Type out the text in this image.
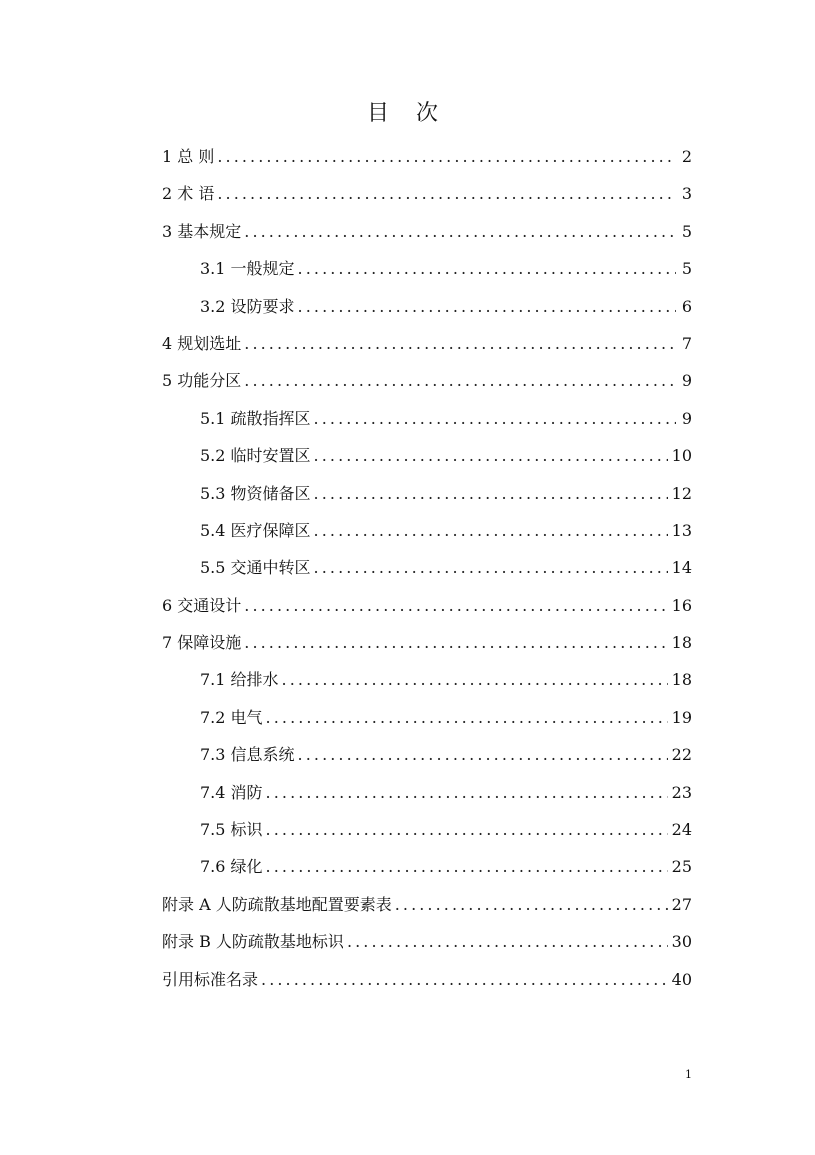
目 次
1 总 则 . . .	2
2 术 语 . . .	3
3 基本规定 . . .	5
3.1 一般规定 . . .	5
3.2 设防要求 . . .	6
4 规划选址 . . .	7
5 功能分区 . . .	9
5.1 疏散指挥区 . . .	9
5.2 临时安置区 . . .	10
5.3 物资储备区 . . .	12
5.4 医疗保障区 . . .	13
5.5 交通中转区 . . .	14
6 交通设计 . . .	16
7 保障设施 . . .	18
7.1 给排水 . . .	18
7.2 电气 . . .	19
7.3 信息系统 . . .	22
7.4 消防 . . .	23
7.5 标识 . . .	24
7.6 绿化 . . .	25
附录 A 人防疏散基地配置要素表 . . .	27
附录 B 人防疏散基地标识 . . .	30
引用标准名录 . . .	40
1
